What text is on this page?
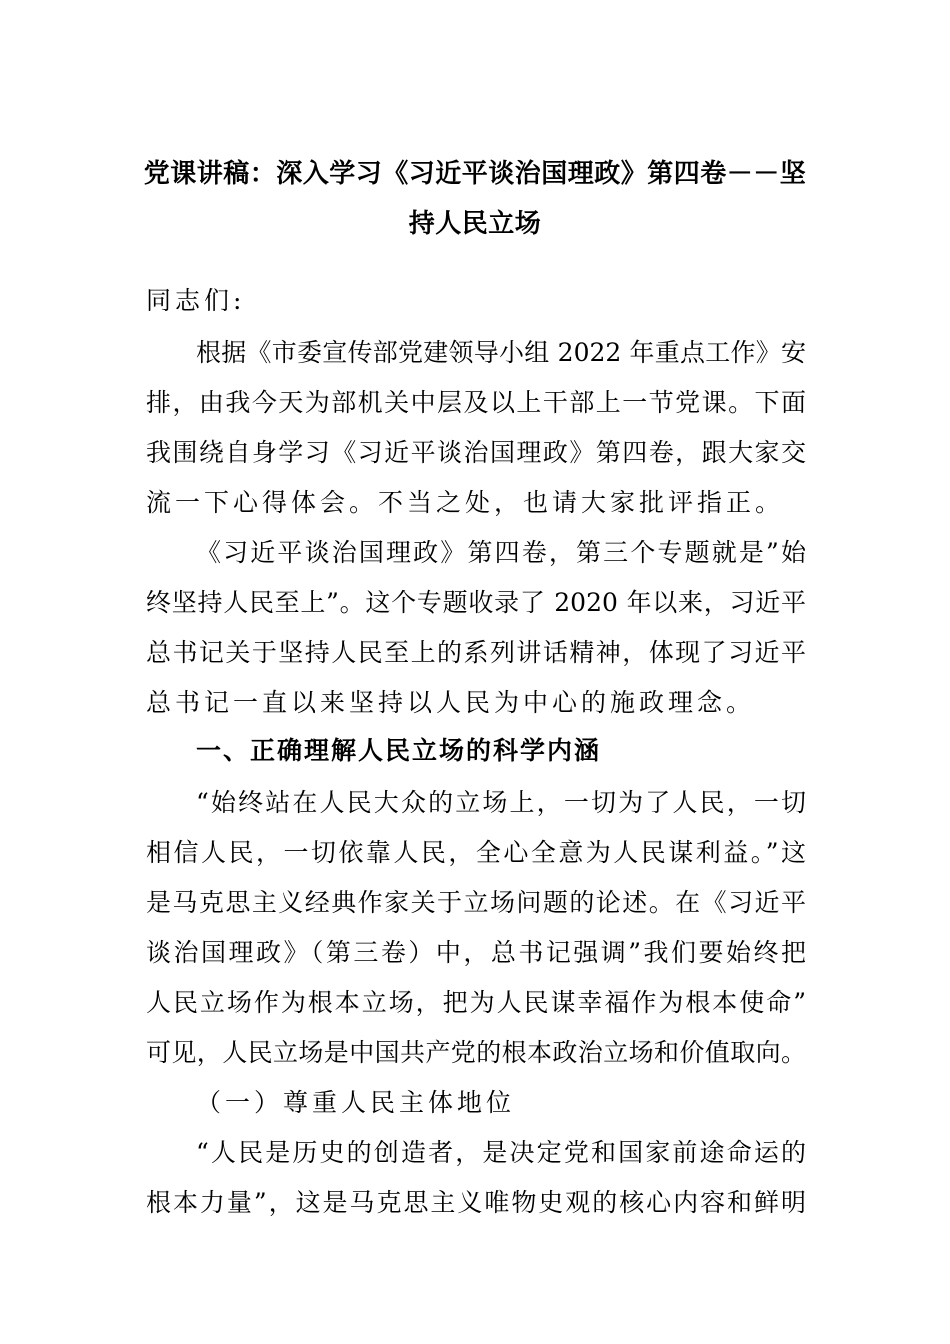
党课讲稿：深入学习《习近平谈治国理政》第四卷－－坚
持人民立场
同志们:
根据《市委宣传部党建领导小组 2022 年重点工作》安
排，由我今天为部机关中层及以上干部上一节党课。下面
我围绕自身学习《习近平谈治国理政》第四卷，跟大家交
流一下心得体会。不当之处，也请大家批评指正。
《习近平谈治国理政》第四卷，第三个专题就是”始
终坚持人民至上”。这个专题收录了 2020 年以来，习近平
总书记关于坚持人民至上的系列讲话精神，体现了习近平
总书记一直以来坚持以人民为中心的施政理念。
一、正确理解人民立场的科学内涵
“始终站在人民大众的立场上，一切为了人民，一切
相信人民，一切依靠人民，全心全意为人民谋利益。”这
是马克思主义经典作家关于立场问题的论述。在《习近平
谈治国理政》（第三卷）中，总书记强调”我们要始终把
人民立场作为根本立场，把为人民谋幸福作为根本使命”
可见，人民立场是中国共产党的根本政治立场和价值取向。
（一）尊重人民主体地位
“人民是历史的创造者，是决定党和国家前途命运的
根本力量”，这是马克思主义唯物史观的核心内容和鲜明
